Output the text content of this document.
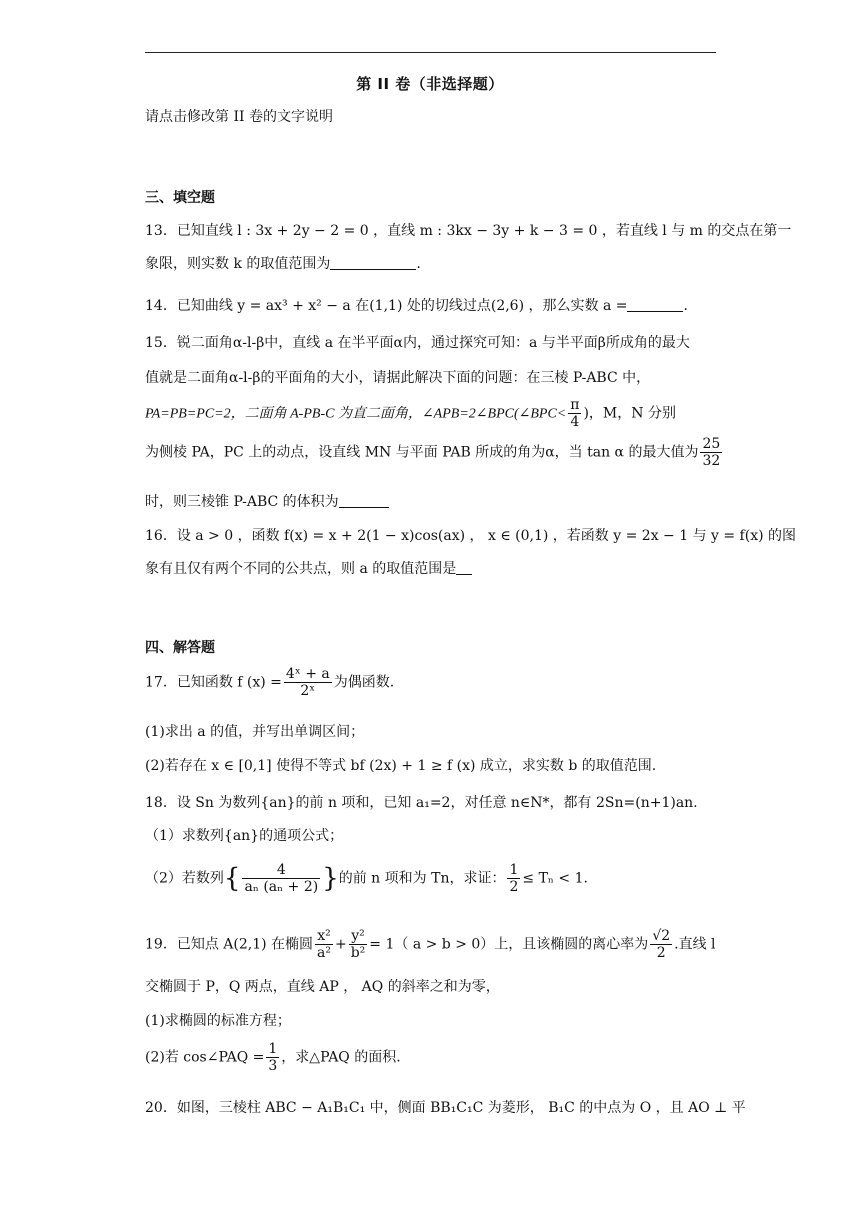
第 II 卷（非选择题）
请点击修改第 II 卷的文字说明
三、填空题
13．已知直线 l : 3x + 2y − 2 = 0 ，直线 m : 3kx − 3y + k − 3 = 0 ，若直线 l 与 m 的交点在第一
象限，则实数 k 的取值范围为	.
14．已知曲线 y = ax³ + x² − a 在(1,1) 处的切线过点(2,6) ，那么实数 a =	.
15．锐二面角α-l-β中，直线 a 在半平面α内，通过探究可知：a 与半平面β所成角的最大
值就是二面角α-l-β的平面角的大小，请据此解决下面的问题：在三棱 P-ABC 中，
PA=PB=PC=2，二面角 A-PB-C 为直二面角，∠APB=2∠BPC(∠BPC< $\frac{\pi}{4}$ )，M，N 分别
为侧棱 PA，PC 上的动点，设直线 MN 与平面 PAB 所成的角为α，当 tan α 的最大值为 $\frac{25}{32}$
时，则三棱锥 P-ABC 的体积为
16．设 a > 0 ，函数 f(x) = x + 2(1 − x)cos(ax) ， x ∈ (0,1) ，若函数 y = 2x − 1 与 y = f(x) 的图
象有且仅有两个不同的公共点，则 a 的取值范围是
四、解答题
17．已知函数 f $(x) = \frac{\text{4ˣ + a}}{\text{2ˣ}}$ 为偶函数.
(1)求出 a 的值，并写出单调区间；
(2)若存在 x ∈ [0,1] 使得不等式 bf (2x) + 1 ≥ f (x) 成立，求实数 b 的取值范围.
18．设 Sn 为数列{an}的前 n 项和，已知 a₁=2，对任意 n∈N*，都有 2Sn=(n+1)an.
（1）求数列{an}的通项公式；
（2）若数列{ $\frac{4}{\text{aₙ (aₙ + 2)}}$ }的前 n 项和为 Tn，求证： $\frac{1}{2} \le T_n < 1$.
19．已知点 A(2,1) 在椭圆 $\frac{\text{x²}}{\text{a²}} + \frac{\text{y²}}{\text{b²}} = 1$（ a > b > 0）上，且该椭圆的离心率为 $\frac{√2}{2}$ .直线 l
交椭圆于 P，Q 两点，直线 AP ， AQ 的斜率之和为零，
(1)求椭圆的标准方程；
(2)若 cos∠PAQ = $\frac{1}{3}$ ，求△PAQ 的面积.
20．如图，三棱柱 ABC − A₁B₁C₁ 中，侧面 BB₁C₁C 为菱形， B₁C 的中点为 O ，且 AO ⊥ 平
